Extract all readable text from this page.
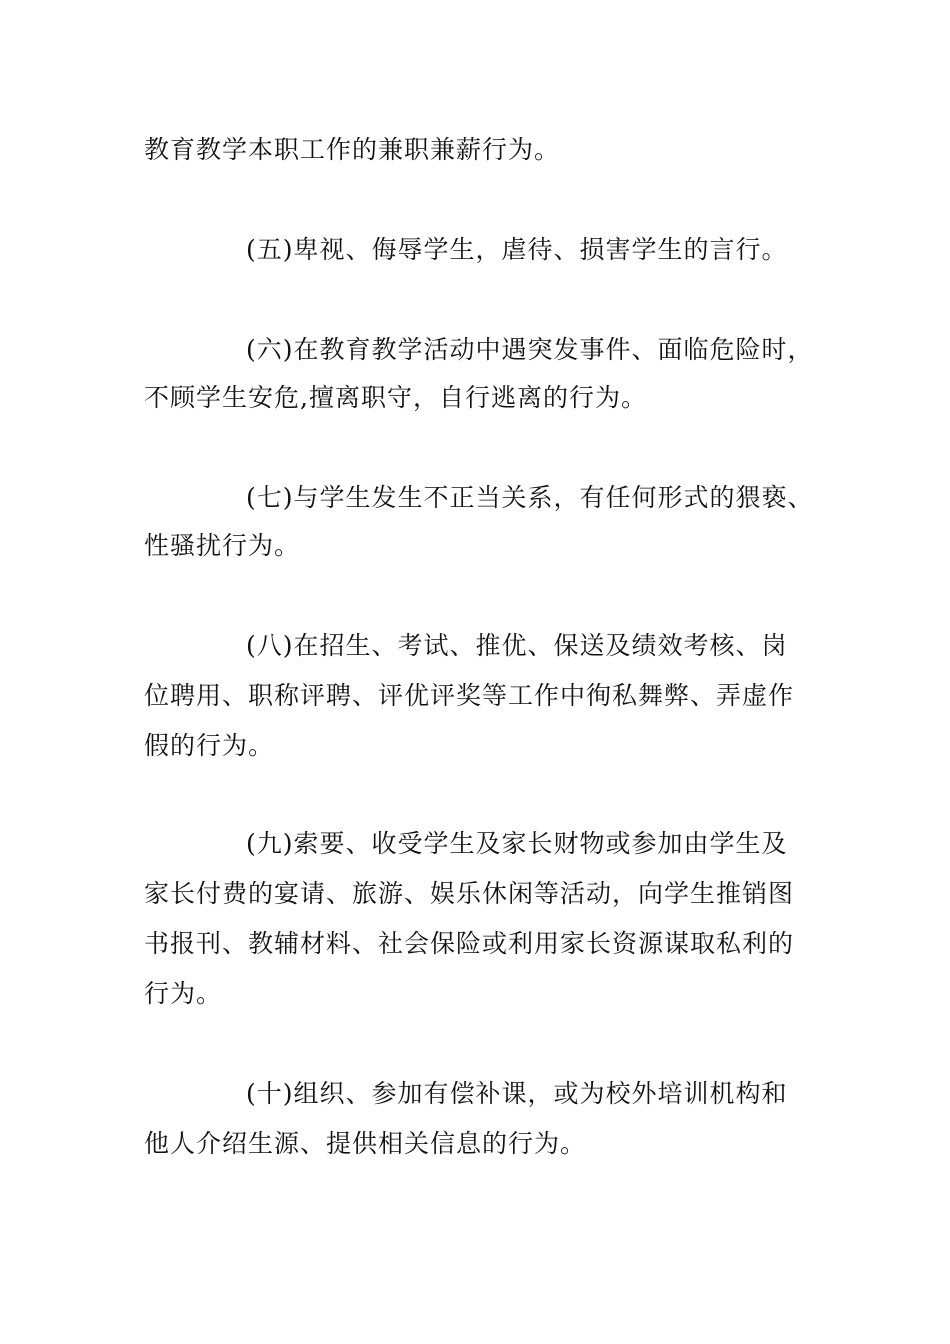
教育教学本职工作的兼职兼薪行为。
(五)卑视、侮辱学生，虐待、损害学生的言行。
(六)在教育教学活动中遇突发事件、面临危险时，
不顾学生安危,擅离职守，自行逃离的行为。
(七)与学生发生不正当关系，有任何形式的猥亵、
性骚扰行为。
(八)在招生、考试、推优、保送及绩效考核、岗
位聘用、职称评聘、评优评奖等工作中徇私舞弊、弄虚作
假的行为。
(九)索要、收受学生及家长财物或参加由学生及
家长付费的宴请、旅游、娱乐休闲等活动，向学生推销图
书报刊、教辅材料、社会保险或利用家长资源谋取私利的
行为。
(十)组织、参加有偿补课，或为校外培训机构和
他人介绍生源、提供相关信息的行为。
